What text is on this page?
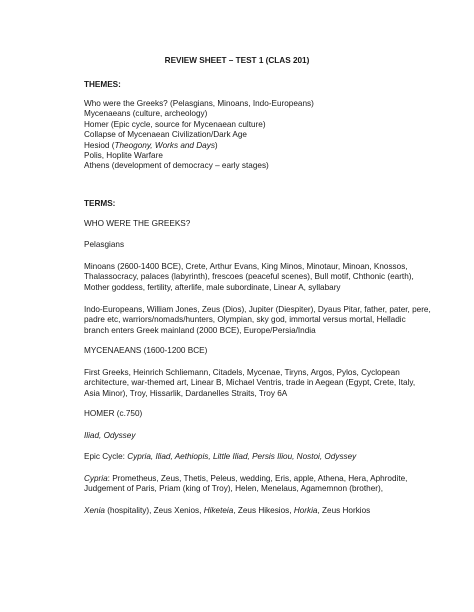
REVIEW SHEET – TEST 1 (CLAS 201)
THEMES:
Who were the Greeks? (Pelasgians, Minoans, Indo-Europeans)
Mycenaeans (culture, archeology)
Homer (Epic cycle, source for Mycenaean culture)
Collapse of Mycenaean Civilization/Dark Age
Hesiod (Theogony, Works and Days)
Polis, Hoplite Warfare
Athens (development of democracy – early stages)
TERMS:
WHO WERE THE GREEKS?
Pelasgians
Minoans (2600-1400 BCE), Crete, Arthur Evans, King Minos, Minotaur, Minoan, Knossos,
Thalassocracy, palaces (labyrinth), frescoes (peaceful scenes), Bull motif, Chthonic (earth),
Mother goddess, fertility, afterlife, male subordinate, Linear A, syllabary
Indo-Europeans, William Jones, Zeus (Dios), Jupiter (Diespiter), Dyaus Pitar, father, pater, pere,
padre etc, warriors/nomads/hunters, Olympian, sky god, immortal versus mortal, Helladic
branch enters Greek mainland (2000 BCE), Europe/Persia/India
MYCENAEANS (1600-1200 BCE)
First Greeks, Heinrich Schliemann, Citadels, Mycenae, Tiryns, Argos, Pylos, Cyclopean
architecture, war-themed art, Linear B, Michael Ventris, trade in Aegean (Egypt, Crete, Italy,
Asia Minor), Troy, Hissarlik, Dardanelles Straits, Troy 6A
HOMER (c.750)
Iliad, Odyssey
Epic Cycle: Cypria, Iliad, Aethiopis, Little Iliad, Persis Iliou, Nostoi, Odyssey
Cypria: Prometheus, Zeus, Thetis, Peleus, wedding, Eris, apple, Athena, Hera, Aphrodite,
Judgement of Paris, Priam (king of Troy), Helen, Menelaus, Agamemnon (brother),
Xenia (hospitality), Zeus Xenios, Hiketeia, Zeus Hikesios, Horkia, Zeus Horkios
